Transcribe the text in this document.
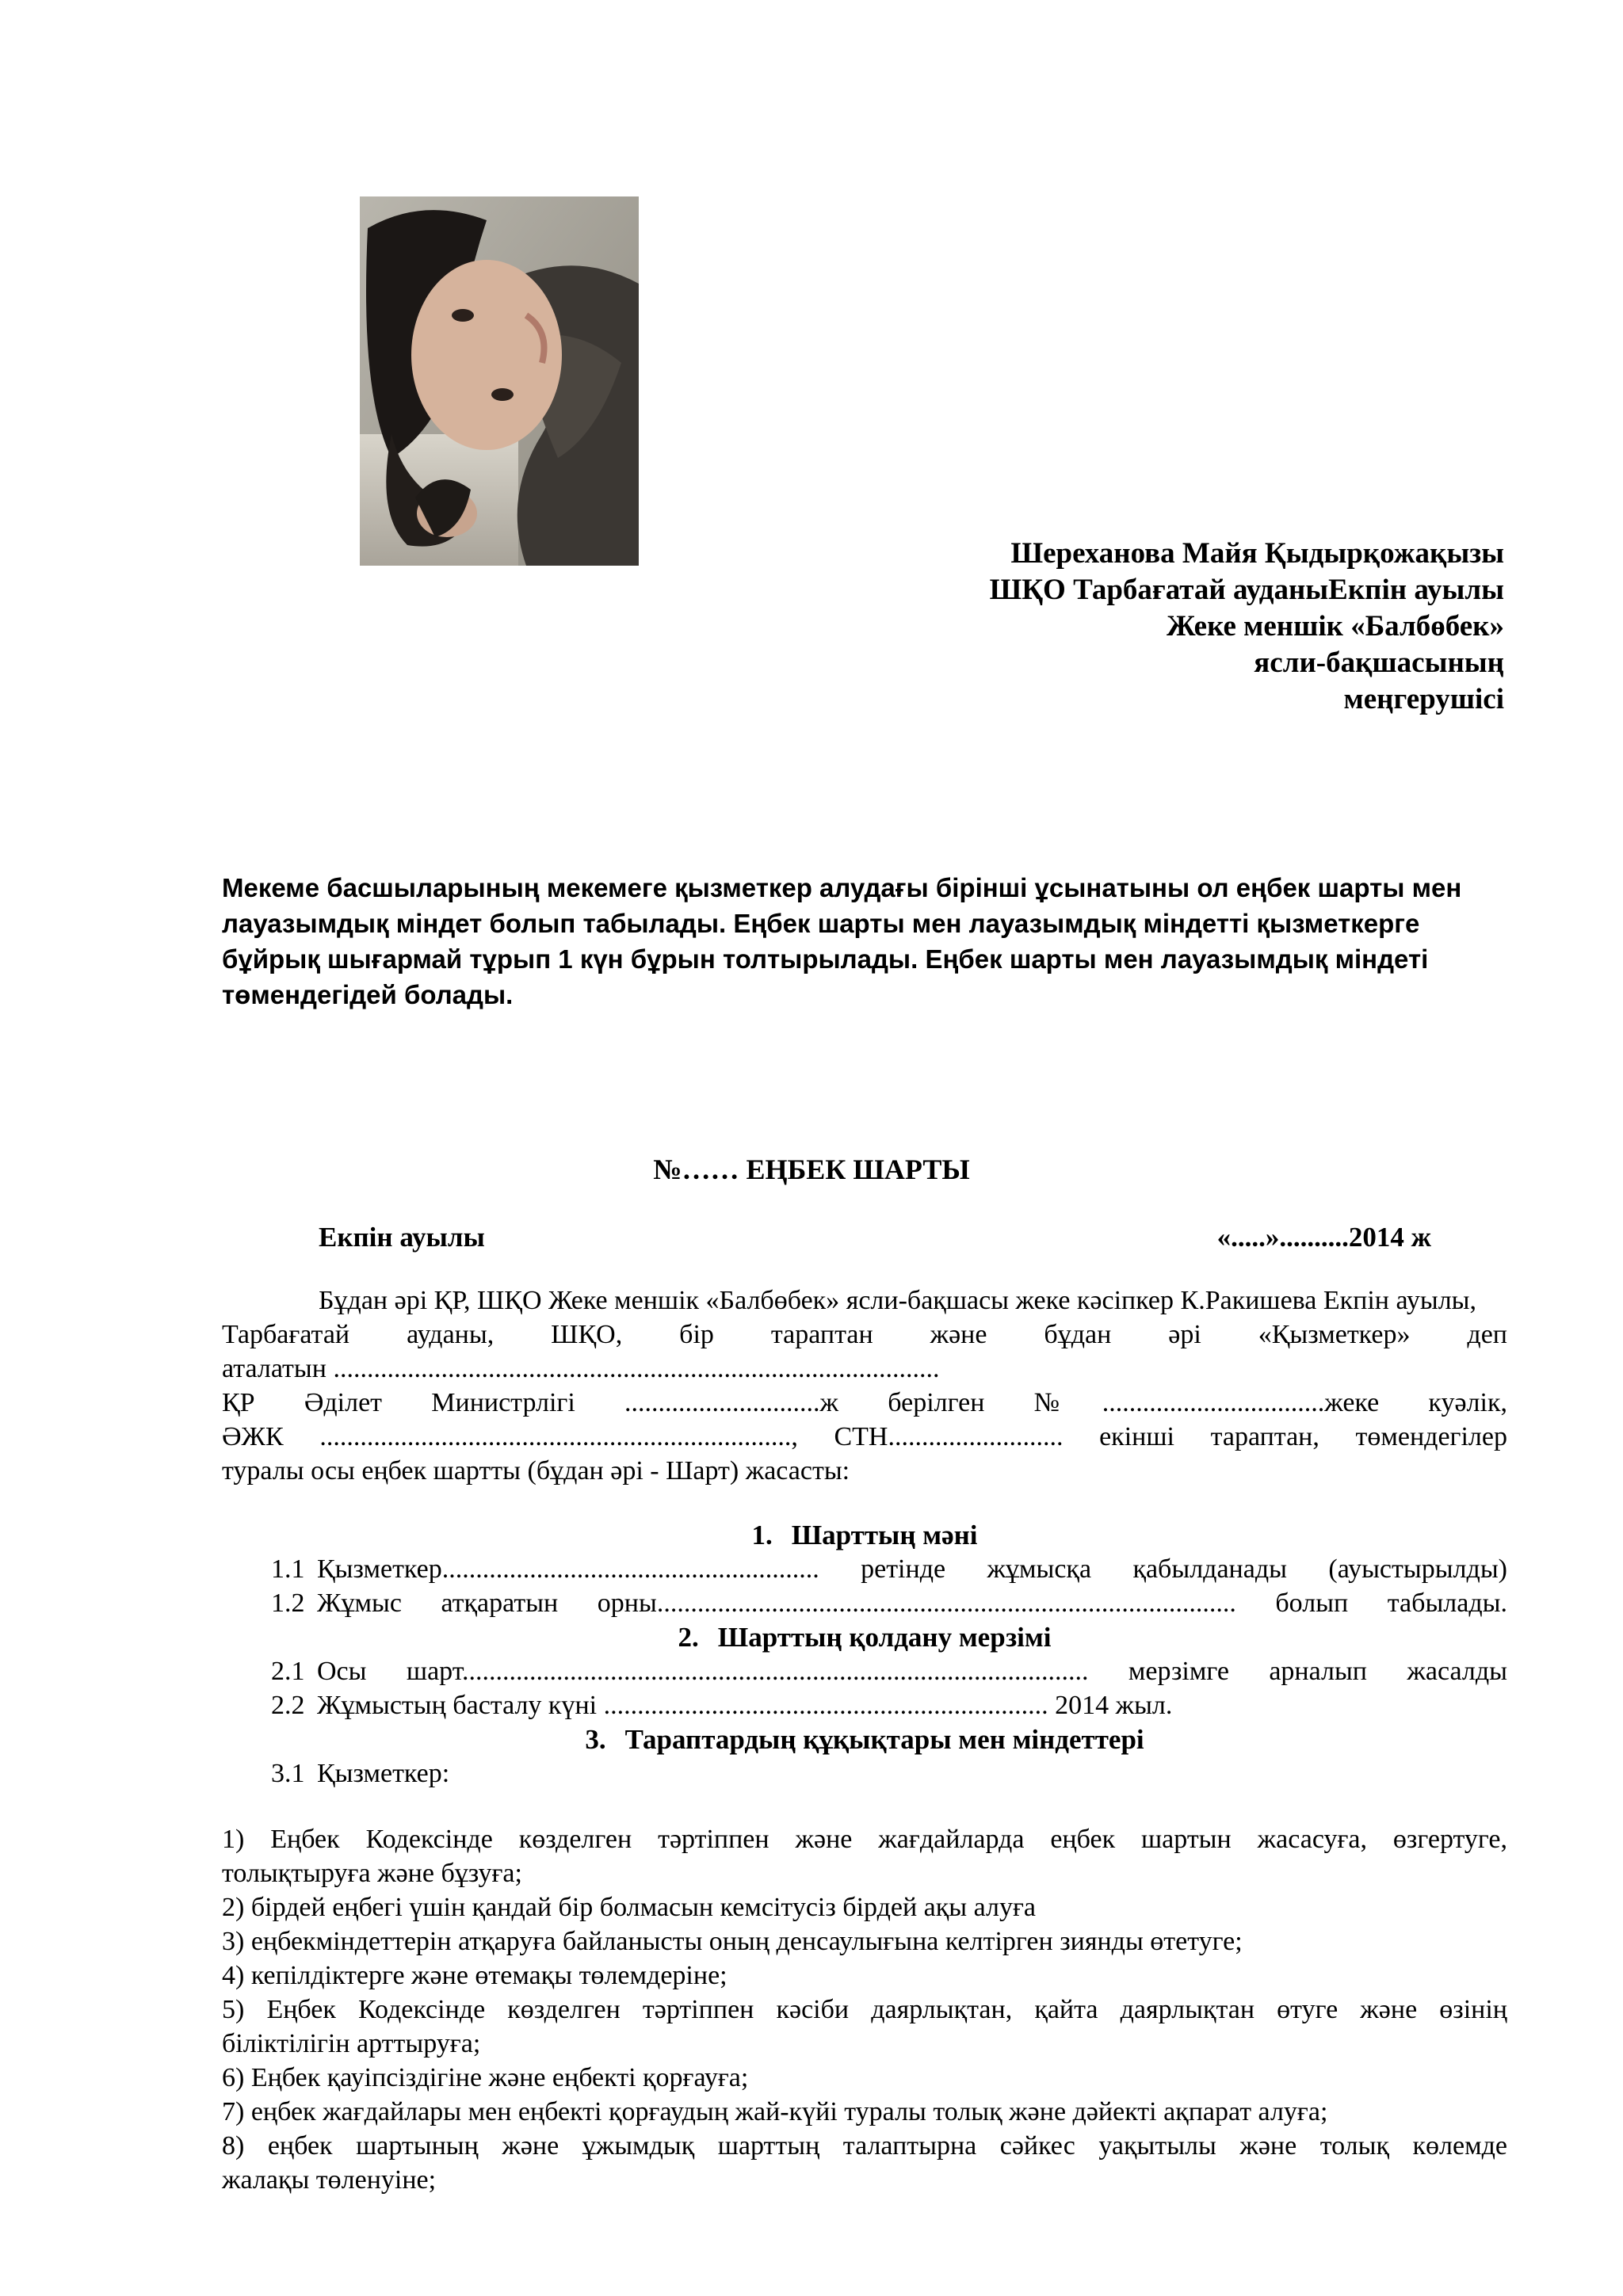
Шереханова Майя Қыдырқожақызы
ШҚО Тарбағатай ауданыЕкпін ауылы
Жеке меншік «Балбөбек»
ясли-бақшасының
меңгерушісі
Мекеме басшыларының мекемеге қызметкер алудағы бірінші ұсынатыны ол еңбек шарты мен лауазымдық міндет болып табылады. Еңбек шарты мен лауазымдық міндетті қызметкерге бұйрық шығармай тұрып 1 күн бұрын толтырылады. Еңбек шарты мен лауазымдық міндеті төмендегідей болады.
№…… ЕҢБЕК ШАРТЫ
Екпін ауылы	«.....»..........2014 ж

Бұдан әрі ҚР, ШҚО Жеке меншік «Балбөбек» ясли-бақшасы жеке кәсіпкер К.Ракишева Екпін ауылы, Тарбағатай ауданы, ШҚО, бір тараптан және бұдан әрі «Қызметкер» деп

аталатын ..........................................................................................

ҚР Әділет Министрлігі .............................ж берілген №.................................жеке куәлік,

ӘЖК ......................................................................, СТН.......................... екінші тараптан, төмендегілер

туралы осы еңбек шартты (бұдан әрі - Шарт) жасасты:

1. Шарттың мәні
1.1 Қызметкер........................................................ ретінде жұмысқа қабылданады (ауыстырылды)
1.2 Жұмыс атқаратын орны...................................................................................... болып табылады.
2. Шарттың қолдану мерзімі
2.1 Осы шарт............................................................................................. мерзімге арналып жасалды
2.2 Жұмыстың басталу күні .................................................................. 2014 жыл.
3. Тараптардың құқықтары мен міндеттері
3.1 Қызметкер:

1) Еңбек Кодексінде көзделген тәртіппен және жағдайларда еңбек шартын жасасуға, өзгертуге,

толықтыруға және бұзуға;

2) бірдей еңбегі үшін қандай бір болмасын кемсітусіз бірдей ақы алуға

3) еңбекміндеттерін атқаруға байланысты оның денсаулығына келтірген зиянды өтетуге;

4) кепілдіктерге және өтемақы төлемдеріне;

5) Еңбек Кодексінде көзделген тәртіппен кәсіби даярлықтан, қайта даярлықтан өтуге және өзінің

біліктілігін арттыруға;

6) Еңбек қауіпсіздігіне және еңбекті қорғауға;

7) еңбек жағдайлары мен еңбекті қорғаудың жай-күйі туралы толық және дәйекті ақпарат алуға;

8) еңбек шартының және ұжымдық шарттың талаптырна сәйкес уақытылы және толық көлемде

жалақы төленуіне;
